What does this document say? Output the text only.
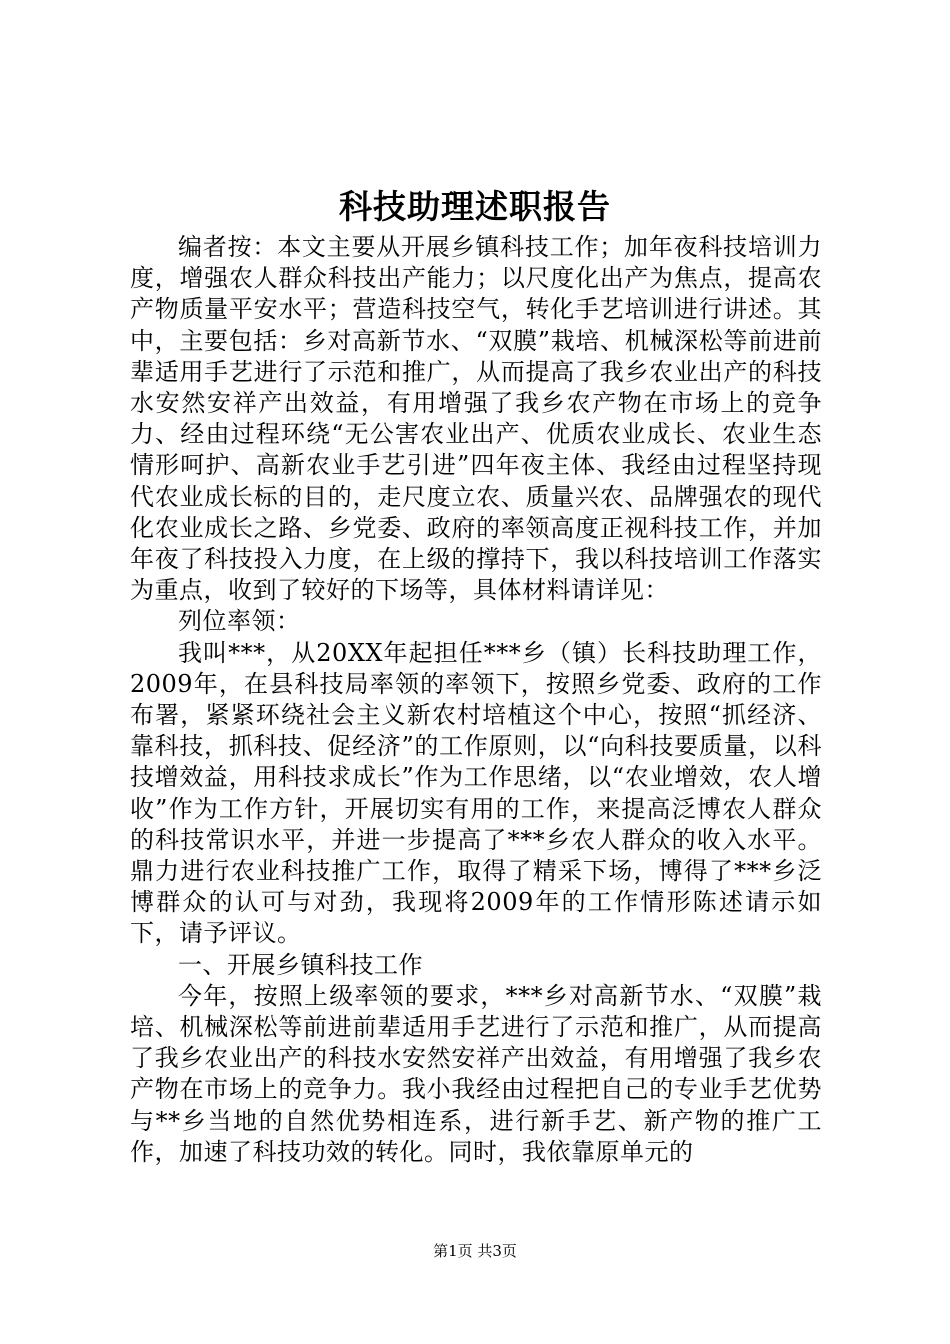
科技助理述职报告

编者按：本文主要从开展乡镇科技工作；加年夜科技培训力度，增强农人群众科技出产能力；以尺度化出产为焦点，提高农产物质量平安水平；营造科技空气，转化手艺培训进行讲述。其中，主要包括：乡对高新节水、“双膜”栽培、机械深松等前进前辈适用手艺进行了示范和推广，从而提高了我乡农业出产的科技水安然安祥产出效益，有用增强了我乡农产物在市场上的竞争力、经由过程环绕“无公害农业出产、优质农业成长、农业生态情形呵护、高新农业手艺引进”四年夜主体、我经由过程坚持现代农业成长标的目的，走尺度立农、质量兴农、品牌强农的现代化农业成长之路、乡党委、政府的率领高度正视科技工作，并加年夜了科技投入力度，在上级的撑持下，我以科技培训工作落实为重点，收到了较好的下场等，具体材料请详见：

列位率领：

我叫***，从20XX年起担任***乡（镇）长科技助理工作，2009年，在县科技局率领的率领下，按照乡党委、政府的工作布署，紧紧环绕社会主义新农村培植这个中心，按照“抓经济、靠科技，抓科技、促经济”的工作原则，以“向科技要质量，以科技增效益，用科技求成长”作为工作思绪，以“农业增效，农人增收”作为工作方针，开展切实有用的工作，来提高泛博农人群众的科技常识水平，并进一步提高了***乡农人群众的收入水平。鼎力进行农业科技推广工作，取得了精采下场，博得了***乡泛博群众的认可与对劲，我现将2009年的工作情形陈述请示如下，请予评议。

一、开展乡镇科技工作

今年，按照上级率领的要求，***乡对高新节水、“双膜”栽培、机械深松等前进前辈适用手艺进行了示范和推广，从而提高了我乡农业出产的科技水安然安祥产出效益，有用增强了我乡农产物在市场上的竞争力。我小我经由过程把自己的专业手艺优势与**乡当地的自然优势相连系，进行新手艺、新产物的推广工作，加速了科技功效的转化。同时，我依靠原单元的

第1页 共3页
